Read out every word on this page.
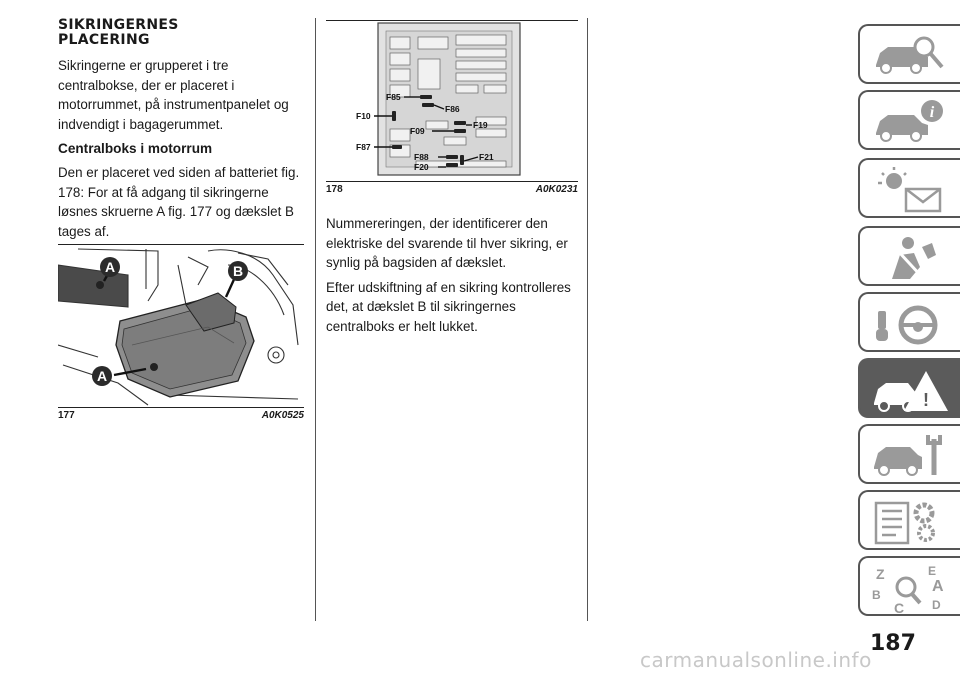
SIKRINGERNES
PLACERING

Sikringerne er grupperet i tre centralbokse, der er placeret i motorrummet, på instrumentpanelet og indvendigt i bagagerummet.

Centralboks i motorrum

Den er placeret ved siden af batteriet fig. 178: For at få adgang til sikringerne løsnes skruerne A fig. 177 og dækslet B tages af.

A	B
A
177	A0K0525
F85
F86
F10
F19
F09
F87
F88	F21
F20
178	A0K0231

Nummereringen, der identificerer den elektriske del svarende til hver sikring, er synlig på bagsiden af dækslet.

Efter udskiftning af en sikring kontrolleres det, at dækslet B til sikringernes centralboks er helt lukket.

i
!
Z	E
A
B
C D
187
carmanualsonline.info
